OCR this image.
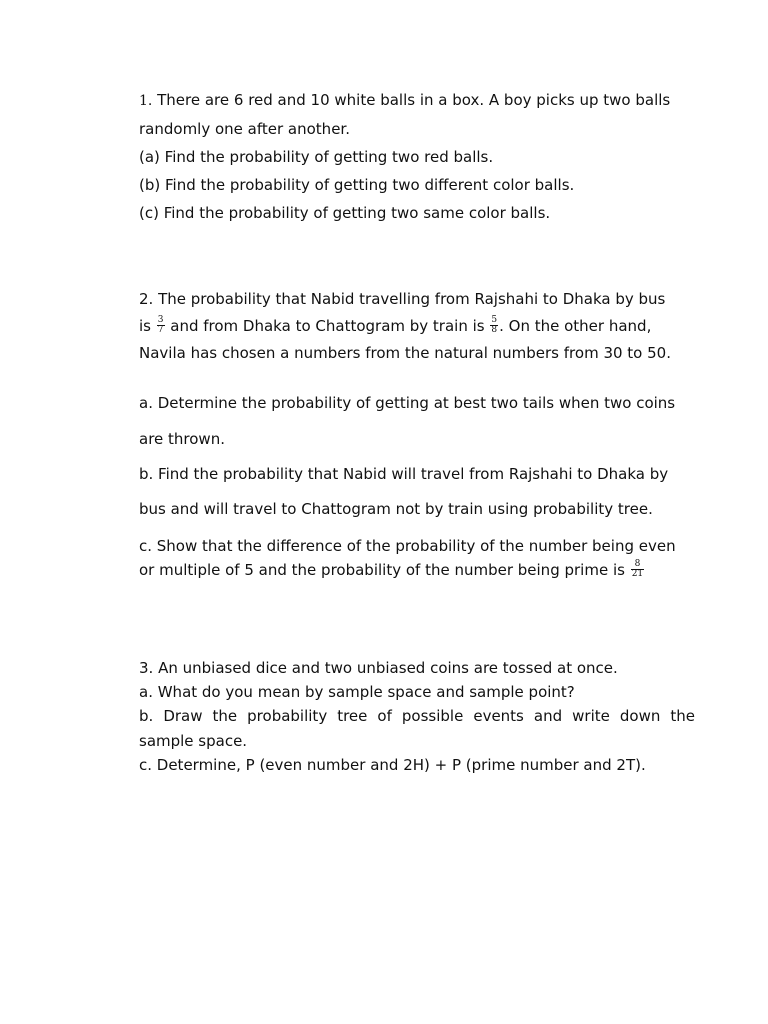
1. There are 6 red and 10 white balls in a box. A boy picks up two balls
randomly one after another.
(a) Find the probability of getting two red balls.
(b) Find the probability of getting two different color balls.
(c) Find the probability of getting two same color balls.
2. The probability that Nabid travelling from Rajshahi to Dhaka by bus
is $\frac{3}{7}$ and from Dhaka to Chattogram by train is $\frac{5}{8}$ . On the other hand,
Navila has chosen a numbers from the natural numbers from 30 to 50.
a. Determine the probability of getting at best two tails when two coins
are thrown.
b. Find the probability that Nabid will travel from Rajshahi to Dhaka by
bus and will travel to Chattogram not by train using probability tree.
c. Show that the difference of the probability of the number being even
or multiple of 5 and the probability of the number being prime is $\frac{8}{21}$
3. An unbiased dice and two unbiased coins are tossed at once.
a. What do you mean by sample space and sample point?
b. Draw the probability tree of possible events and write down the
sample space.
c. Determine, P (even number and 2H) + P (prime number and 2T).
